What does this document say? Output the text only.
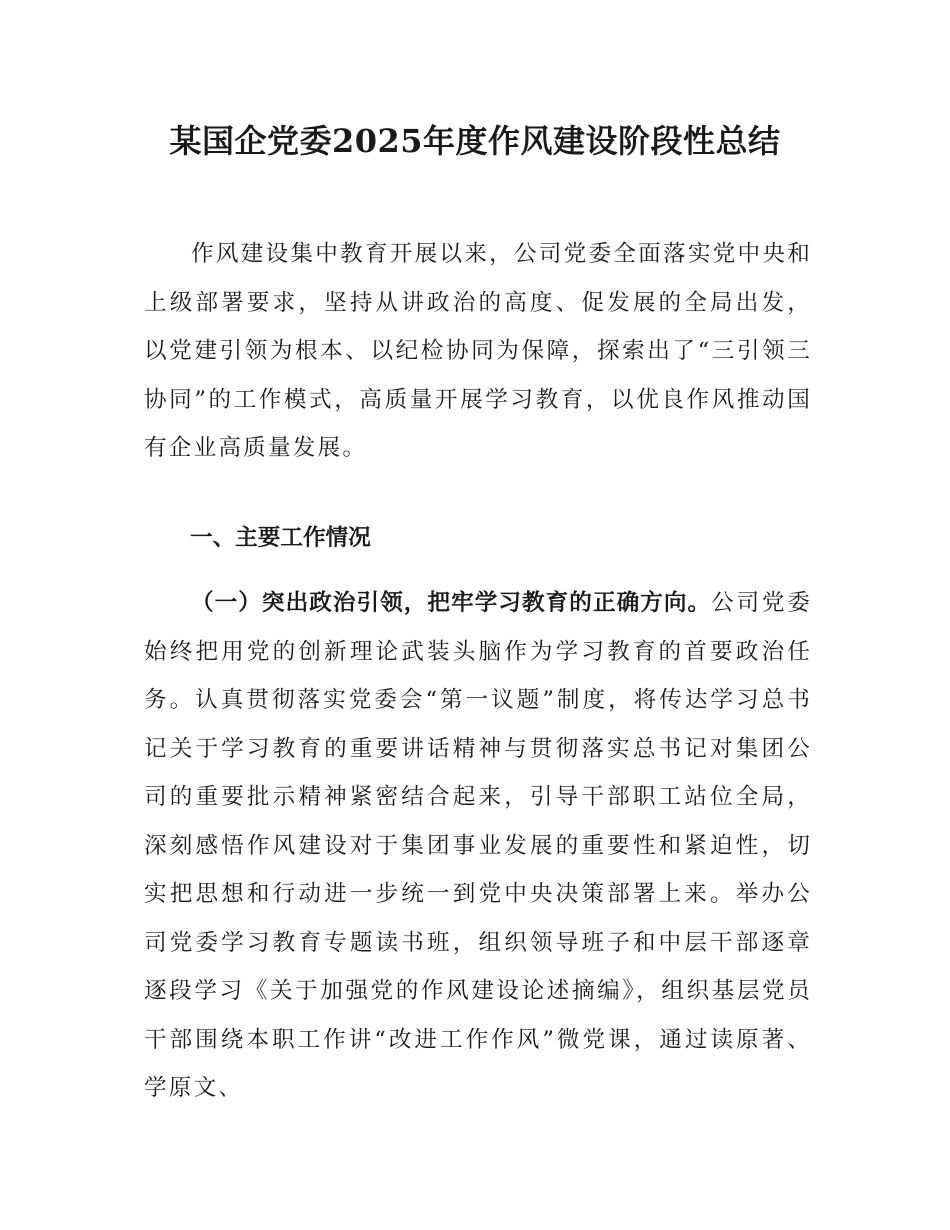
某国企党委2025年度作风建设阶段性总结

作风建设集中教育开展以来，公司党委全面落实党中央和上级部署要求，坚持从讲政治的高度、促发展的全局出发，以党建引领为根本、以纪检协同为保障，探索出了“三引领三协同”的工作模式，高质量开展学习教育，以优良作风推动国有企业高质量发展。

一、主要工作情况

（一）突出政治引领，把牢学习教育的正确方向。公司党委始终把用党的创新理论武装头脑作为学习教育的首要政治任务。认真贯彻落实党委会“第一议题”制度，将传达学习总书记关于学习教育的重要讲话精神与贯彻落实总书记对集团公司的重要批示精神紧密结合起来，引导干部职工站位全局，深刻感悟作风建设对于集团事业发展的重要性和紧迫性，切实把思想和行动进一步统一到党中央决策部署上来。举办公司党委学习教育专题读书班，组织领导班子和中层干部逐章逐段学习《关于加强党的作风建设论述摘编》，组织基层党员干部围绕本职工作讲“改进工作作风”微党课，通过读原著、学原文、
